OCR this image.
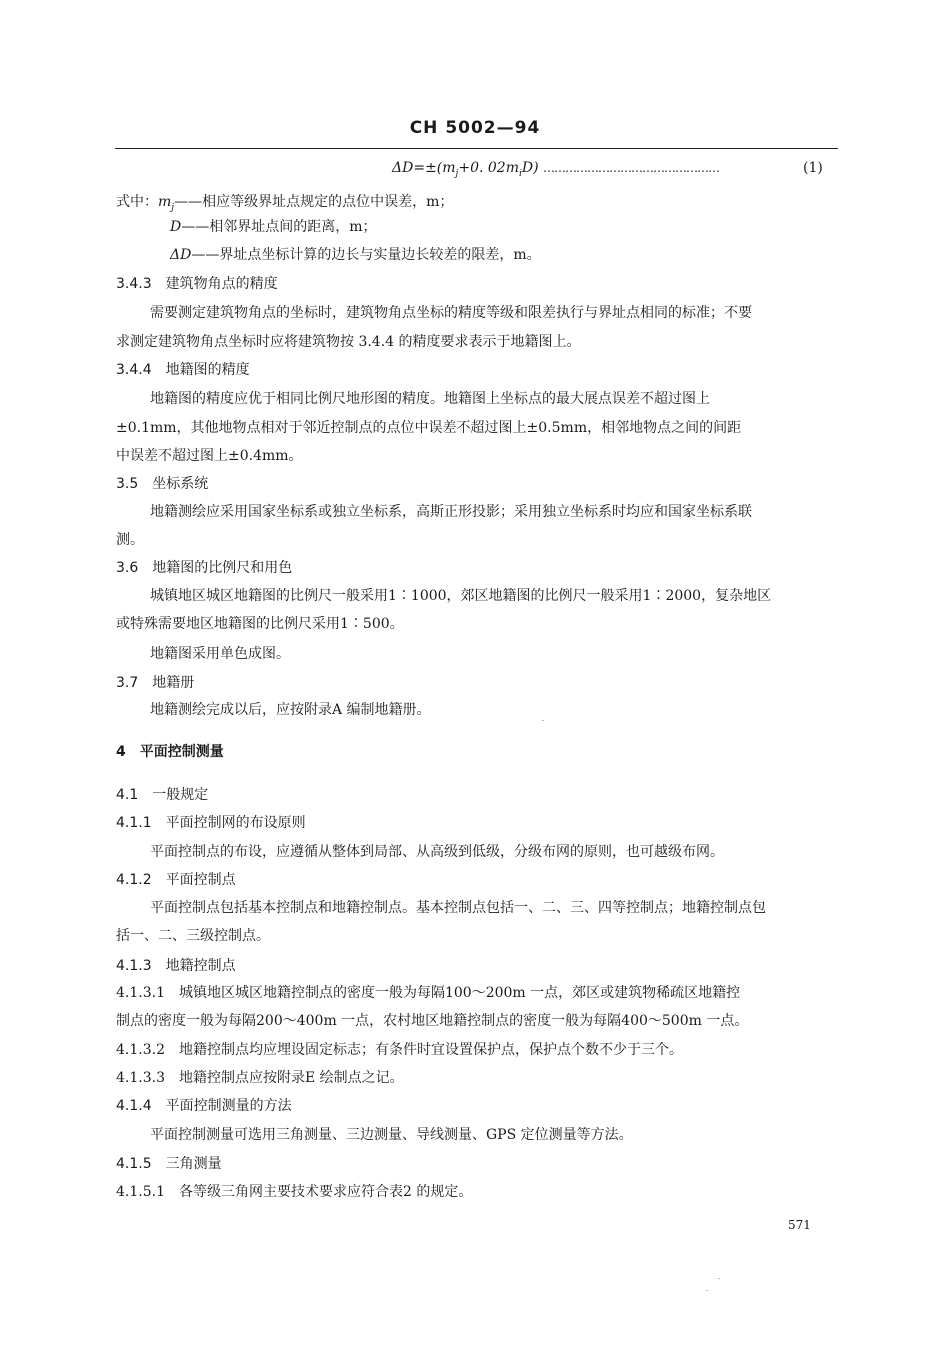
CH 5002—94
$\Delta D=\pm(m_j+0$. $02m_iD$) …………………………………………	(1)
式中：$m_j——$相应等级界址点规定的点位中误差，m；
D——相邻界址点间的距离，m；
ΔD——界址点坐标计算的边长与实量边长较差的限差，m。
3.4.3　建筑物角点的精度
需要测定建筑物角点的坐标时，建筑物角点坐标的精度等级和限差执行与界址点相同的标准；不要
求测定建筑物角点坐标时应将建筑物按 3.4.4 的精度要求表示于地籍图上。
3.4.4　地籍图的精度
地籍图的精度应优于相同比例尺地形图的精度。地籍图上坐标点的最大展点误差不超过图上
±0.1mm，其他地物点相对于邻近控制点的点位中误差不超过图上±0.5mm，相邻地物点之间的间距
中误差不超过图上±0.4mm。
3.5　坐标系统
地籍测绘应采用国家坐标系或独立坐标系，高斯正形投影；采用独立坐标系时均应和国家坐标系联
测。
3.6　地籍图的比例尺和用色
城镇地区城区地籍图的比例尺一般采用1∶1000，郊区地籍图的比例尺一般采用1∶2000，复杂地区
或特殊需要地区地籍图的比例尺采用1∶500。
地籍图采用单色成图。
3.7　地籍册
地籍测绘完成以后，应按附录A 编制地籍册。
4　平面控制测量
4.1　一般规定
4.1.1　平面控制网的布设原则
平面控制点的布设，应遵循从整体到局部、从高级到低级，分级布网的原则，也可越级布网。
4.1.2　平面控制点
平面控制点包括基本控制点和地籍控制点。基本控制点包括一、二、三、四等控制点；地籍控制点包
括一、二、三级控制点。
4.1.3　地籍控制点
4.1.3.1　城镇地区城区地籍控制点的密度一般为每隔100～200m 一点，郊区或建筑物稀疏区地籍控
制点的密度一般为每隔200～400m 一点，农村地区地籍控制点的密度一般为每隔400～500m 一点。
4.1.3.2　地籍控制点均应埋设固定标志；有条件时宜设置保护点，保护点个数不少于三个。
4.1.3.3　地籍控制点应按附录E 绘制点之记。
4.1.4　平面控制测量的方法
平面控制测量可选用三角测量、三边测量、导线测量、GPS 定位测量等方法。
4.1.5　三角测量
4.1.5.1　各等级三角网主要技术要求应符合表2 的规定。
571
